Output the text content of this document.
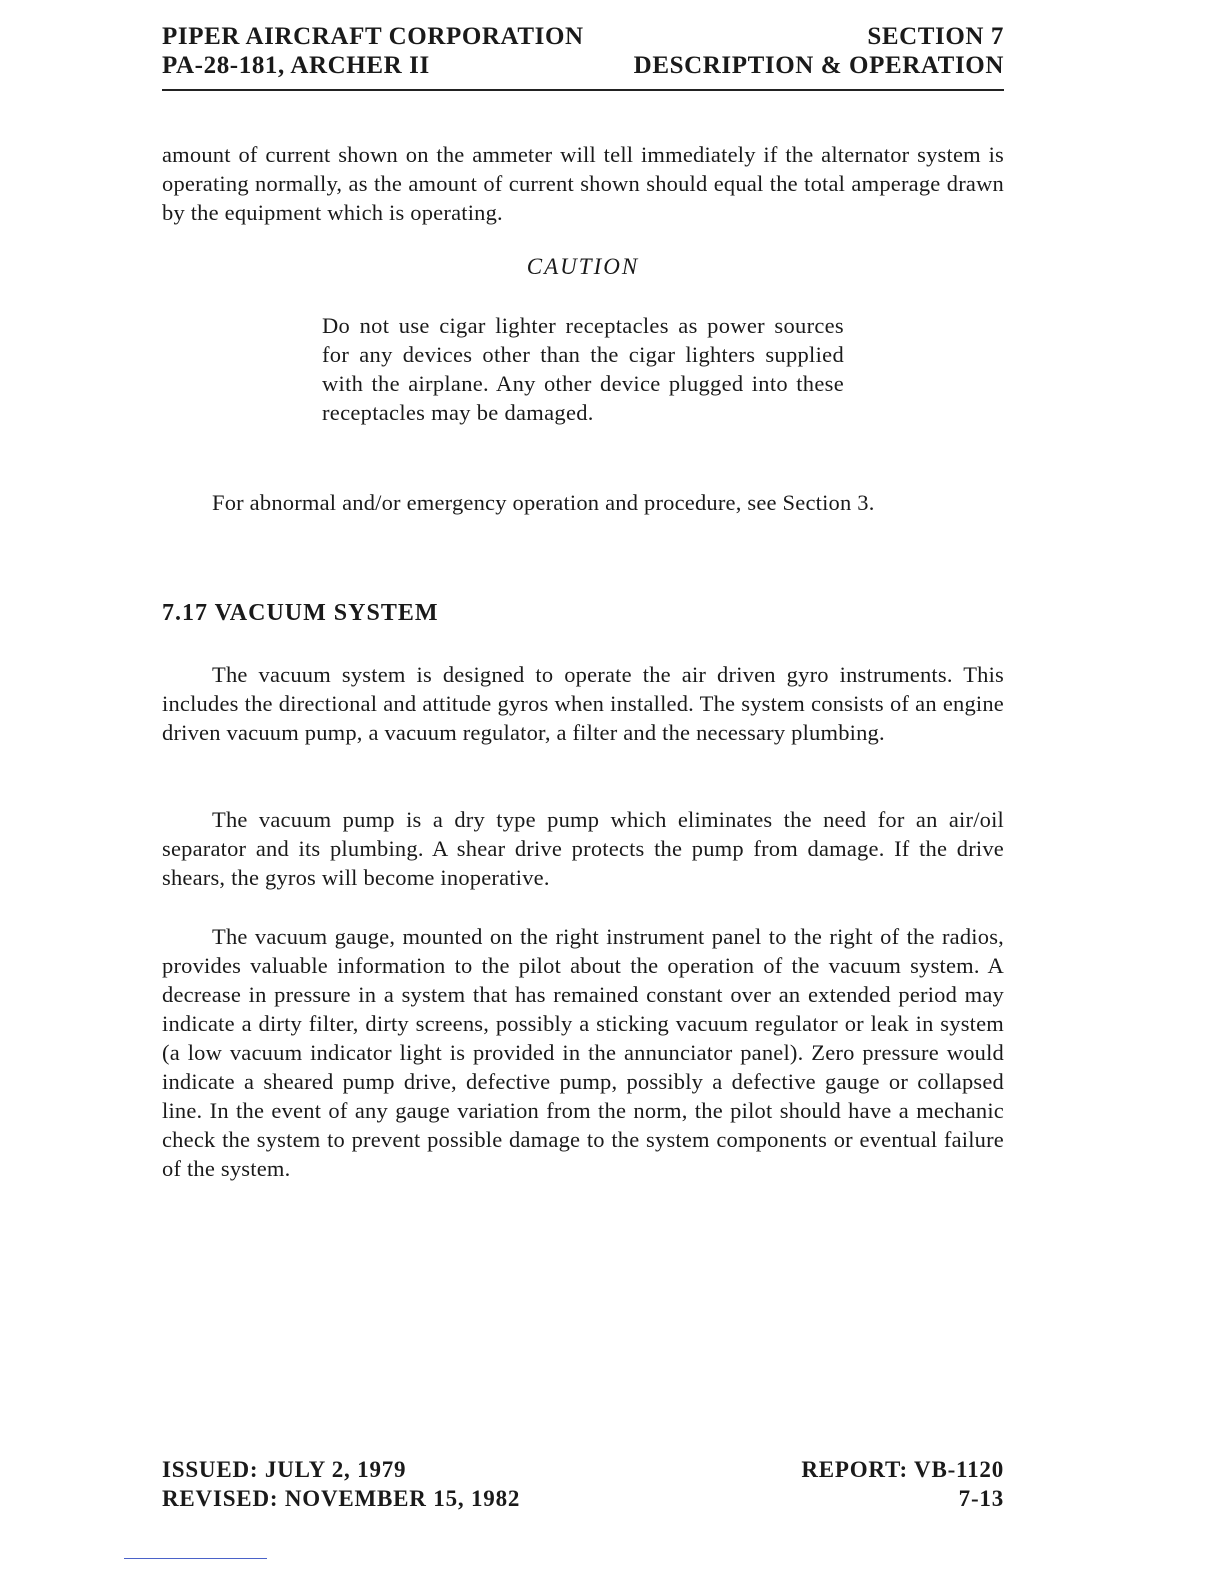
PIPER AIRCRAFT CORPORATION	SECTION 7
PA-28-181, ARCHER II	DESCRIPTION & OPERATION

amount of current shown on the ammeter will tell immediately if the alternator system is operating normally, as the amount of current shown should equal the total amperage drawn by the equipment which is operating.

CAUTION

Do not use cigar lighter receptacles as power sources for any devices other than the cigar lighters supplied with the airplane. Any other device plugged into these receptacles may be damaged.

For abnormal and/or emergency operation and procedure, see Section 3.

7.17 VACUUM SYSTEM

The vacuum system is designed to operate the air driven gyro instruments. This includes the directional and attitude gyros when installed. The system consists of an engine driven vacuum pump, a vacuum regulator, a filter and the necessary plumbing.

The vacuum pump is a dry type pump which eliminates the need for an air/oil separator and its plumbing. A shear drive protects the pump from damage. If the drive shears, the gyros will become inoperative.

The vacuum gauge, mounted on the right instrument panel to the right of the radios, provides valuable information to the pilot about the operation of the vacuum system. A decrease in pressure in a system that has remained constant over an extended period may indicate a dirty filter, dirty screens, possibly a sticking vacuum regulator or leak in system (a low vacuum indicator light is provided in the annunciator panel). Zero pressure would indicate a sheared pump drive, defective pump, possibly a defective gauge or collapsed line. In the event of any gauge variation from the norm, the pilot should have a mechanic check the system to prevent possible damage to the system components or eventual failure of the system.

ISSUED: JULY 2, 1979	REPORT: VB-1120
REVISED: NOVEMBER 15, 1982	7-13
